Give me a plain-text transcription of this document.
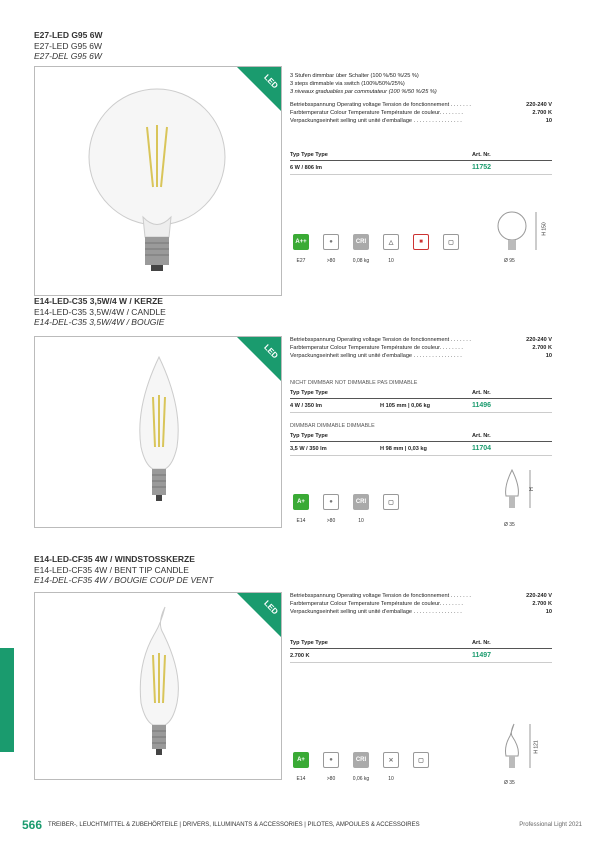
E27-LED G95 6W
E27-LED G95 6W
E27-DEL G95 6W
LED 3 Stufen dimmbar über Schalter (100 %/50 %/25 %)
3 steps dimmable via switch (100%/50%/25%)
3 niveaux graduables par commutateur (100 %/50 %/25 %)
Betriebsspannung Operating voltage Tension de fonctionnement . . . . . . .	220-240 V
Farbtemperatur Colour Temperature Température de couleur. . . . . . . .	2.700 K
Verpackungseinheit selling unit unité d'emballage . . . . . . . . . . . . . . . .	10
Typ Type Type	Art. Nr.
6 W / 806 lm	11752
A++
E27
●
>80
CRI
0,08 kg
△
10
■	▢
H 150
Ø 95
E14-LED-C35 3,5W/4 W / KERZE
E14-LED-C35 3,5W/4W / CANDLE
E14-DEL-C35 3,5W/4W / BOUGIE
LED
Betriebsspannung Operating voltage Tension de fonctionnement . . . . . . .	220-240 V
Farbtemperatur Colour Temperature Température de couleur. . . . . . . .	2.700 K
Verpackungseinheit selling unit unité d'emballage . . . . . . . . . . . . . . . .	10
NICHT DIMMBAR NOT DIMMABLE PAS DIMMABLE
Typ Type Type	Art. Nr.
4 W / 350 lm	H 105 mm | 0,06 kg	11496
DIMMBAR DIMMABLE DIMMABLE
Typ Type Type	Art. Nr.
3,5 W / 350 lm	H 98 mm | 0,03 kg	11704
A+
E14
●
>80
CRI
10
▢
H
Ø 35
E14-LED-CF35 4W / WINDSTOSSKERZE
E14-LED-CF35 4W / BENT TIP CANDLE
E14-DEL-CF35 4W / BOUGIE COUP DE VENT
LED
Betriebsspannung Operating voltage Tension de fonctionnement . . . . . . .	220-240 V
Farbtemperatur Colour Temperature Température de couleur. . . . . . . .	2.700 K
Verpackungseinheit selling unit unité d'emballage . . . . . . . . . . . . . . . .	10
Typ Type Type	Art. Nr.
2.700 K	11497
A+
E14
●
>80
CRI
0,06 kg
✕
10
▢
H 121
Ø 35
566 TREIBER-, LEUCHTMITTEL & ZUBEHÖRTEILE | DRIVERS, ILLUMINANTS & ACCESSORIES | PILOTES, AMPOULES & ACCESSOIRES	Professional Light 2021
